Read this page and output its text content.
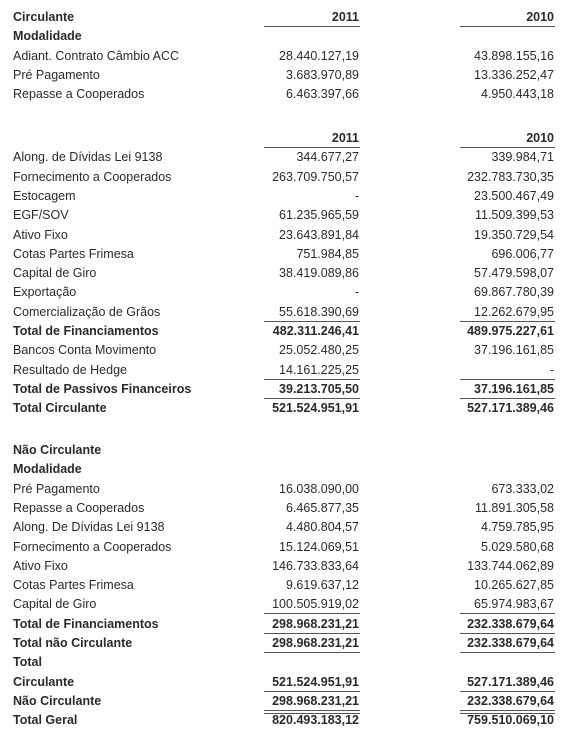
Circulante	2011	2010
Modalidade
Adiant. Contrato Câmbio ACC	28.440.127,19	43.898.155,16
Pré Pagamento	3.683.970,89	13.336.252,47
Repasse a Cooperados	6.463.397,66	4.950.443,18
2011	2010
Along. de Dívidas Lei 9138	344.677,27	339.984,71
Fornecimento a Cooperados	263.709.750,57	232.783.730,35
Estocagem	-	23.500.467,49
EGF/SOV	61.235.965,59	11.509.399,53
Ativo Fixo	23.643.891,84	19.350.729,54
Cotas Partes Frimesa	751.984,85	696.006,77
Capital de Giro	38.419.089,86	57.479.598,07
Exportação	-	69.867.780,39
Comercialização de Grãos	55.618.390,69	12.262.679,95
Total de Financiamentos	482.311.246,41	489.975.227,61
Bancos Conta Movimento	25.052.480,25	37.196.161,85
Resultado de Hedge	14.161.225,25	-
Total de Passivos Financeiros	39.213.705,50	37.196.161,85
Total Circulante	521.524.951,91	527.171.389,46
Não Circulante
Modalidade
Pré Pagamento	16.038.090,00	673.333,02
Repasse a Cooperados	6.465.877,35	11.891.305,58
Along. De Dívidas Lei 9138	4.480.804,57	4.759.785,95
Fornecimento a Cooperados	15.124.069,51	5.029.580,68
Ativo Fixo	146.733.833,64	133.744.062,89
Cotas Partes Frimesa	9.619.637,12	10.265.627,85
Capital de Giro	100.505.919,02	65.974.983,67
Total de Financiamentos	298.968.231,21	232.338.679,64
Total não Circulante	298.968.231,21	232.338.679,64
Total
Circulante	521.524.951,91	527.171.389,46
Não Circulante	298.968.231,21	232.338.679,64
Total Geral	820.493.183,12	759.510.069,10
